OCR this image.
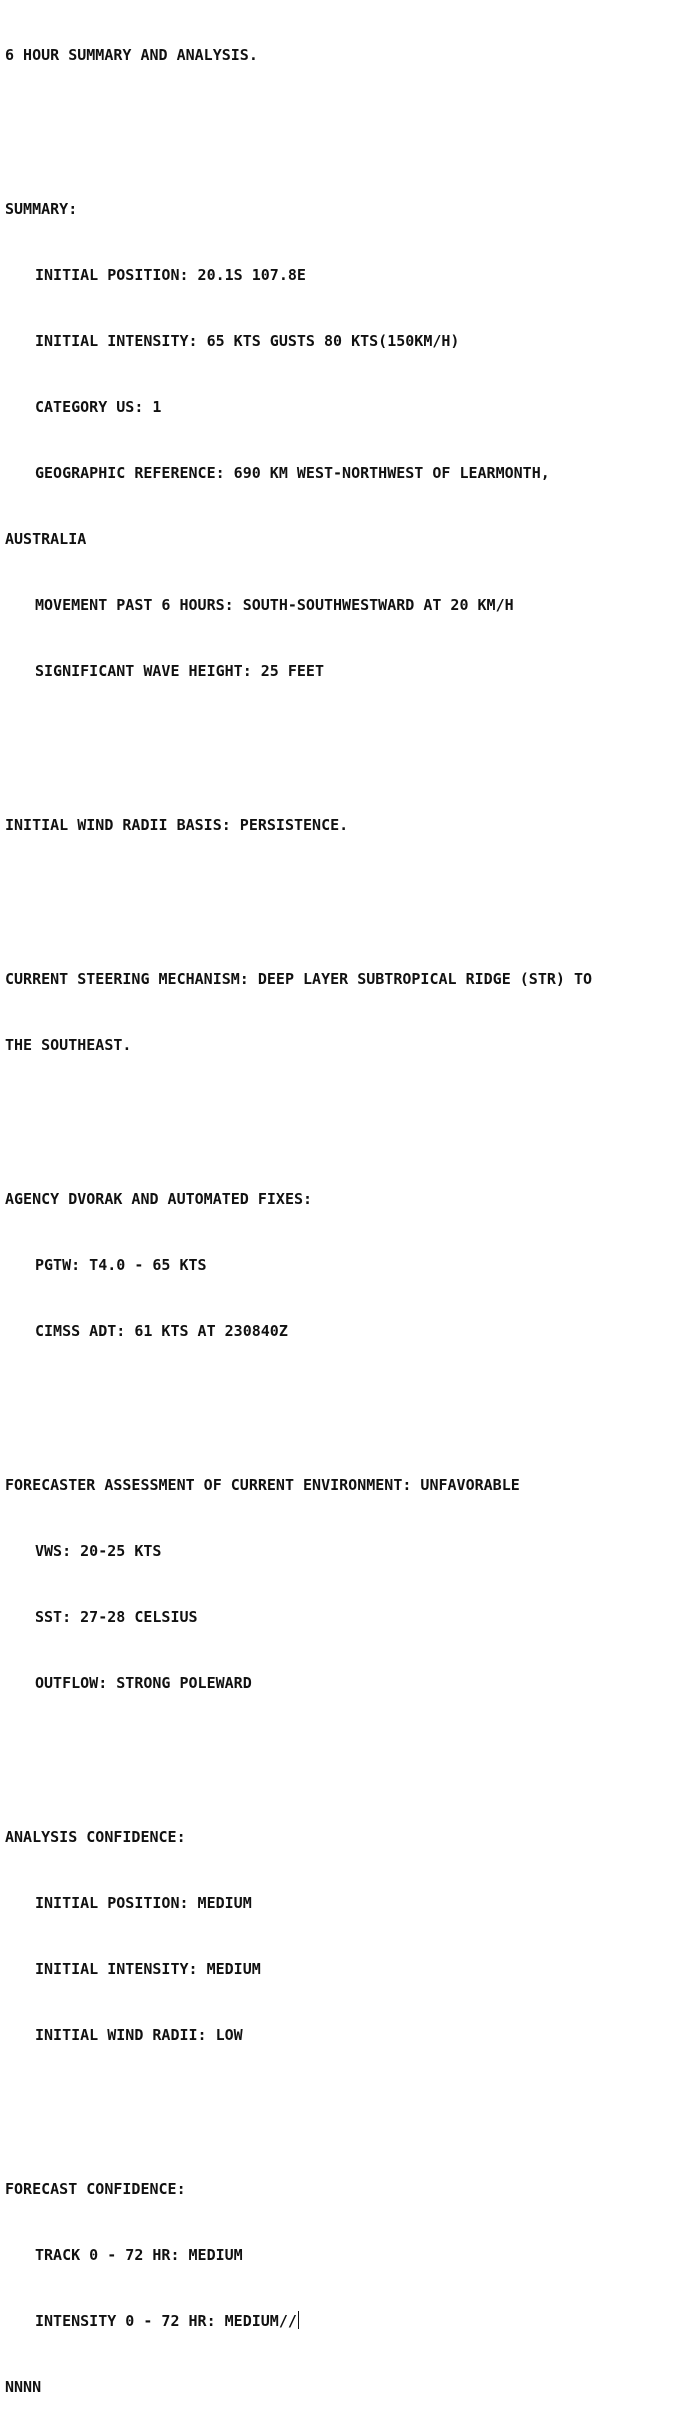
6 HOUR SUMMARY AND ANALYSIS.

SUMMARY:

INITIAL POSITION: 20.1S 107.8E

INITIAL INTENSITY: 65 KTS GUSTS 80 KTS(150KM/H)

CATEGORY US: 1

GEOGRAPHIC REFERENCE: 690 KM WEST-NORTHWEST OF LEARMONTH,

AUSTRALIA

MOVEMENT PAST 6 HOURS: SOUTH-SOUTHWESTWARD AT 20 KM/H

SIGNIFICANT WAVE HEIGHT: 25 FEET

INITIAL WIND RADII BASIS: PERSISTENCE.

CURRENT STEERING MECHANISM: DEEP LAYER SUBTROPICAL RIDGE (STR) TO

THE SOUTHEAST.

AGENCY DVORAK AND AUTOMATED FIXES:

PGTW: T4.0 - 65 KTS

CIMSS ADT: 61 KTS AT 230840Z

FORECASTER ASSESSMENT OF CURRENT ENVIRONMENT: UNFAVORABLE

VWS: 20-25 KTS

SST: 27-28 CELSIUS

OUTFLOW: STRONG POLEWARD

ANALYSIS CONFIDENCE:

INITIAL POSITION: MEDIUM

INITIAL INTENSITY: MEDIUM

INITIAL WIND RADII: LOW

FORECAST CONFIDENCE:

TRACK 0 - 72 HR: MEDIUM

INTENSITY 0 - 72 HR: MEDIUM//

NNNN
